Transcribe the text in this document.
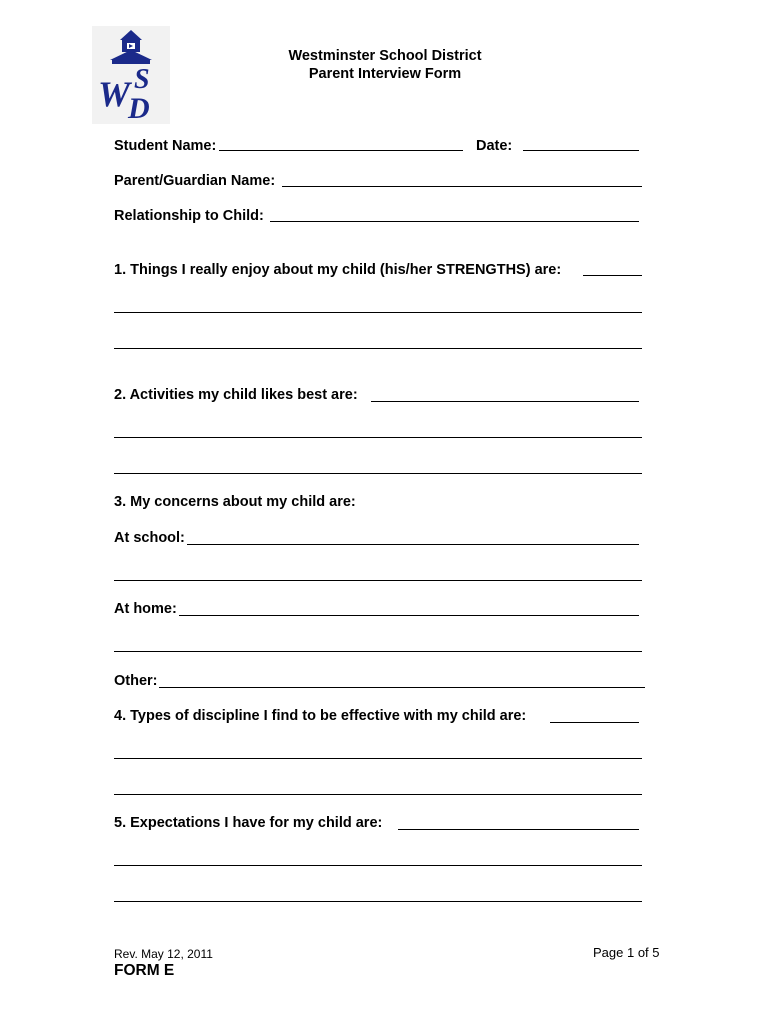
W S
D
Westminster School District
Parent Interview Form
Student Name:	Date:
Parent/Guardian Name:
Relationship to Child:
1. Things I really enjoy about my child (his/her STRENGTHS) are:
2. Activities my child likes best are:
3. My concerns about my child are:
At school:
At home:
Other:
4. Types of discipline I find to be effective with my child are:
5. Expectations I have for my child are:
Rev. May 12, 2011	Page 1 of 5
FORM E
